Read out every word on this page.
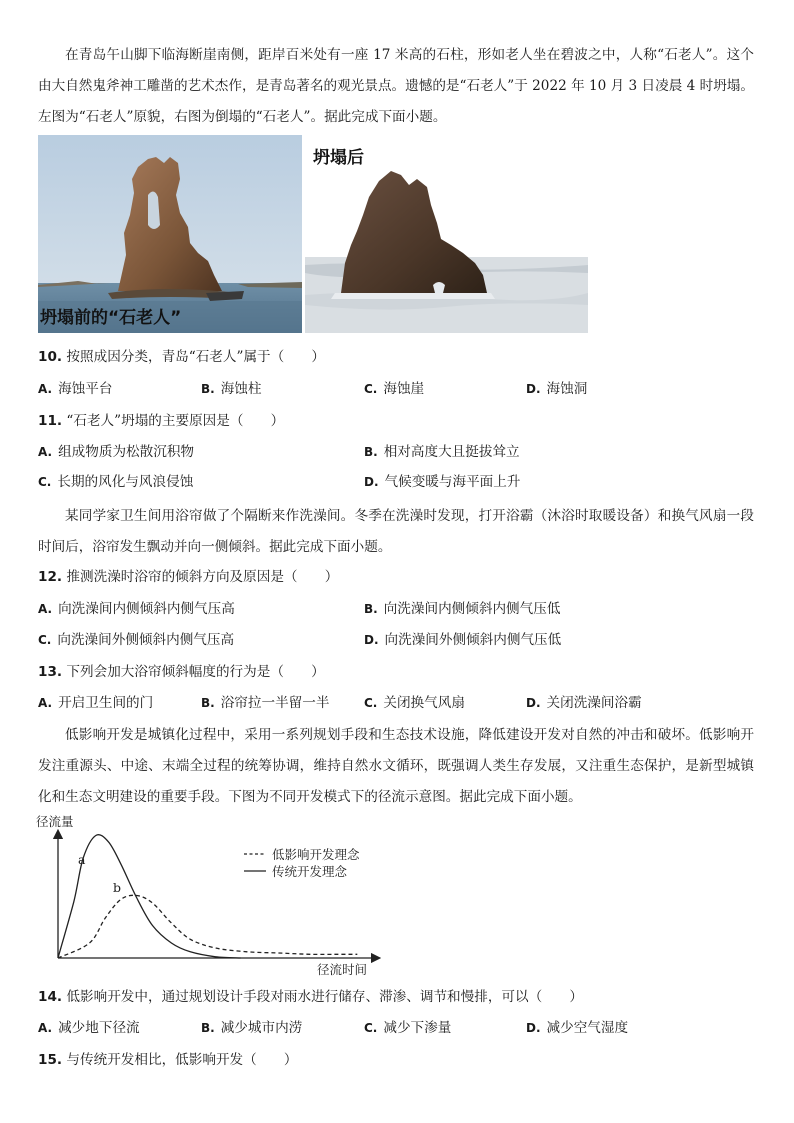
在青岛午山脚下临海断崖南侧，距岸百米处有一座 17 米高的石柱，形如老人坐在碧波之中，人称“石老人”。这个由大自然鬼斧神工雕凿的艺术杰作，是青岛著名的观光景点。遗憾的是“石老人”于 2022 年 10 月 3 日凌晨 4 时坍塌。左图为“石老人”原貌，右图为倒塌的“石老人”。据此完成下面小题。

坍塌前的“石老人”
坍塌后
10. 按照成因分类，青岛“石老人”属于（　　）
A. 海蚀平台	B. 海蚀柱	C. 海蚀崖	D. 海蚀洞
11. “石老人”坍塌的主要原因是（　　）
A. 组成物质为松散沉积物	B. 相对高度大且挺拔耸立
C. 长期的风化与风浪侵蚀	D. 气候变暖与海平面上升

某同学家卫生间用浴帘做了个隔断来作洗澡间。冬季在洗澡时发现，打开浴霸（沐浴时取暖设备）和换气风扇一段时间后，浴帘发生飘动并向一侧倾斜。据此完成下面小题。

12. 推测洗澡时浴帘的倾斜方向及原因是（　　）
A. 向洗澡间内侧倾斜内侧气压高	B. 向洗澡间内侧倾斜内侧气压低
C. 向洗澡间外侧倾斜内侧气压高	D. 向洗澡间外侧倾斜内侧气压低
13. 下列会加大浴帘倾斜幅度的行为是（　　）
A. 开启卫生间的门	B. 浴帘拉一半留一半	C. 关闭换气风扇	D. 关闭洗澡间浴霸

低影响开发是城镇化过程中，采用一系列规划手段和生态技术设施，降低建设开发对自然的冲击和破坏。低影响开发注重源头、中途、末端全过程的统筹协调，维持自然水文循环，既强调人类生存发展，又注重生态保护，是新型城镇化和生态文明建设的重要手段。下图为不同开发模式下的径流示意图。据此完成下面小题。

径流量
径流时间
a
b
低影响开发理念
传统开发理念
14. 低影响开发中，通过规划设计手段对雨水进行储存、滞渗、调节和慢排，可以（　　）
A. 减少地下径流	B. 减少城市内涝	C. 减少下渗量	D. 减少空气湿度
15. 与传统开发相比，低影响开发（　　）
